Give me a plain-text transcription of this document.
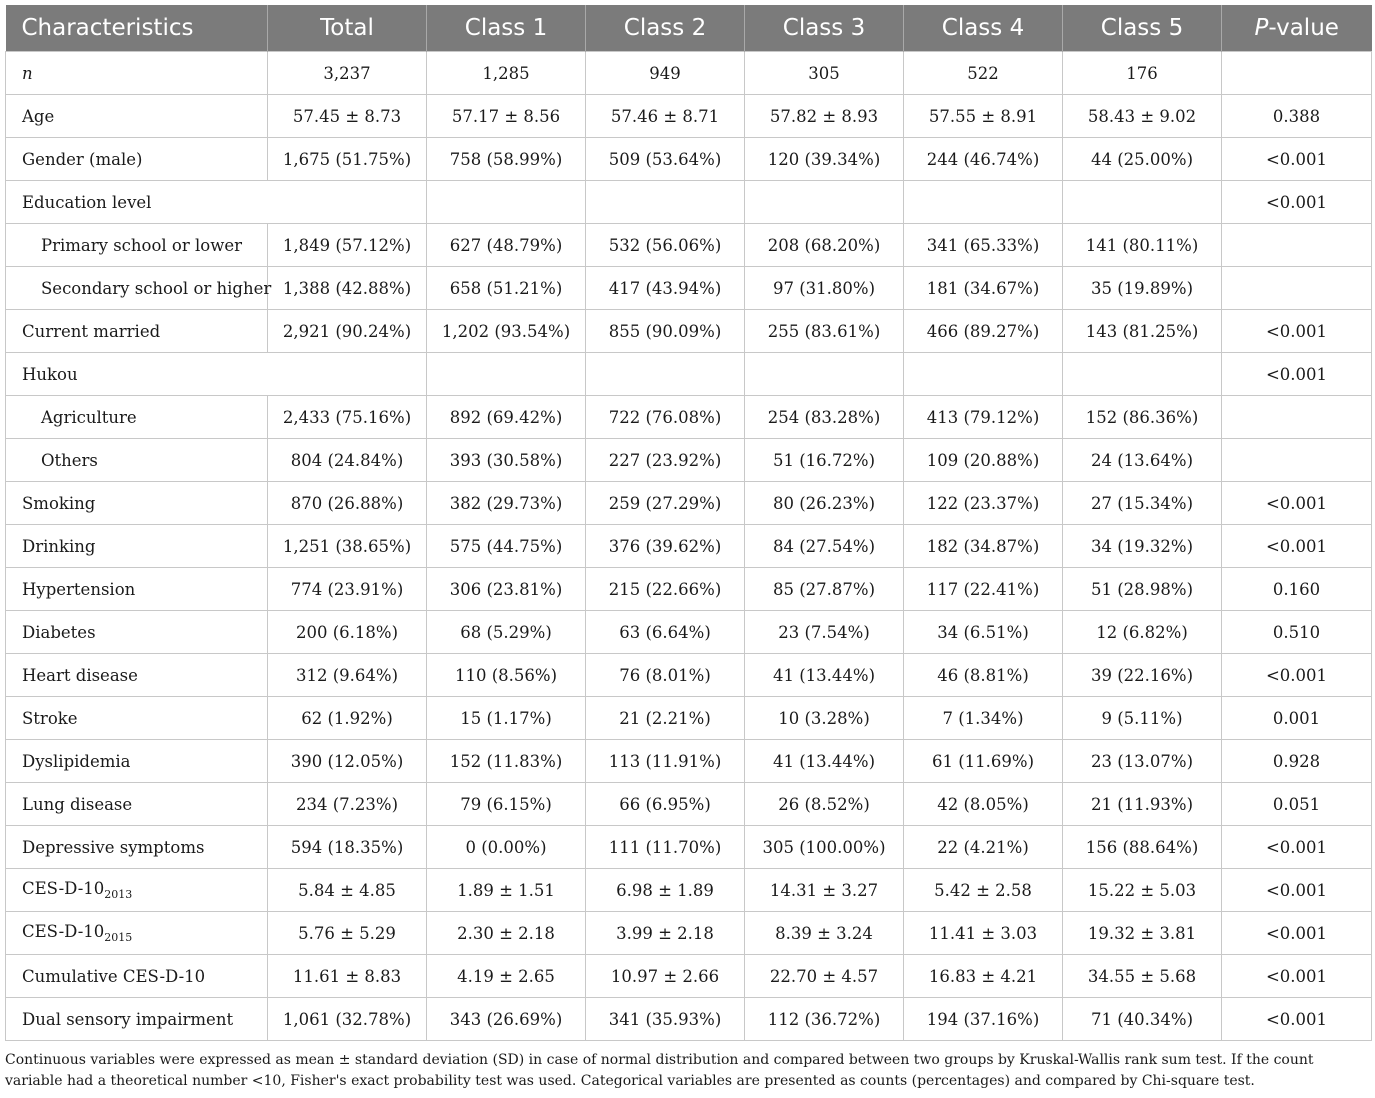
Characteristics	Total	Class 1	Class 2	Class 3	Class 4	Class 5	P-value
n	3,237	1,285	949	305	522	176	
Age	57.45 ± 8.73	57.17 ± 8.56	57.46 ± 8.71	57.82 ± 8.93	57.55 ± 8.91	58.43 ± 9.02	0.388
Gender (male)	1,675 (51.75%)	758 (58.99%)	509 (53.64%)	120 (39.34%)	244 (46.74%)	44 (25.00%)	<0.001
Education level							<0.001
Primary school or lower	1,849 (57.12%)	627 (48.79%)	532 (56.06%)	208 (68.20%)	341 (65.33%)	141 (80.11%)	
Secondary school or higher	1,388 (42.88%)	658 (51.21%)	417 (43.94%)	97 (31.80%)	181 (34.67%)	35 (19.89%)	
Current married	2,921 (90.24%)	1,202 (93.54%)	855 (90.09%)	255 (83.61%)	466 (89.27%)	143 (81.25%)	<0.001
Hukou							<0.001
Agriculture	2,433 (75.16%)	892 (69.42%)	722 (76.08%)	254 (83.28%)	413 (79.12%)	152 (86.36%)	
Others	804 (24.84%)	393 (30.58%)	227 (23.92%)	51 (16.72%)	109 (20.88%)	24 (13.64%)	
Smoking	870 (26.88%)	382 (29.73%)	259 (27.29%)	80 (26.23%)	122 (23.37%)	27 (15.34%)	<0.001
Drinking	1,251 (38.65%)	575 (44.75%)	376 (39.62%)	84 (27.54%)	182 (34.87%)	34 (19.32%)	<0.001
Hypertension	774 (23.91%)	306 (23.81%)	215 (22.66%)	85 (27.87%)	117 (22.41%)	51 (28.98%)	0.160
Diabetes	200 (6.18%)	68 (5.29%)	63 (6.64%)	23 (7.54%)	34 (6.51%)	12 (6.82%)	0.510
Heart disease	312 (9.64%)	110 (8.56%)	76 (8.01%)	41 (13.44%)	46 (8.81%)	39 (22.16%)	<0.001
Stroke	62 (1.92%)	15 (1.17%)	21 (2.21%)	10 (3.28%)	7 (1.34%)	9 (5.11%)	0.001
Dyslipidemia	390 (12.05%)	152 (11.83%)	113 (11.91%)	41 (13.44%)	61 (11.69%)	23 (13.07%)	0.928
Lung disease	234 (7.23%)	79 (6.15%)	66 (6.95%)	26 (8.52%)	42 (8.05%)	21 (11.93%)	0.051
Depressive symptoms	594 (18.35%)	0 (0.00%)	111 (11.70%)	305 (100.00%)	22 (4.21%)	156 (88.64%)	<0.001
CES-$D-10_{2013}$	5.84 ± 4.85	1.89 ± 1.51	6.98 ± 1.89	14.31 ± 3.27	5.42 ± 2.58	15.22 ± 5.03	<0.001
CES-$D-10_{2015}$	5.76 ± 5.29	2.30 ± 2.18	3.99 ± 2.18	8.39 ± 3.24	11.41 ± 3.03	19.32 ± 3.81	<0.001
Cumulative CES-D-10	11.61 ± 8.83	4.19 ± 2.65	10.97 ± 2.66	22.70 ± 4.57	16.83 ± 4.21	34.55 ± 5.68	<0.001
Dual sensory impairment	1,061 (32.78%)	343 (26.69%)	341 (35.93%)	112 (36.72%)	194 (37.16%)	71 (40.34%)	<0.001
Continuous variables were expressed as mean ± standard deviation (SD) in case of normal distribution and compared between two groups by Kruskal-Wallis rank sum test. If the count variable had a theoretical number <10, Fisher's exact probability test was used. Categorical variables are presented as counts (percentages) and compared by Chi-square test.
